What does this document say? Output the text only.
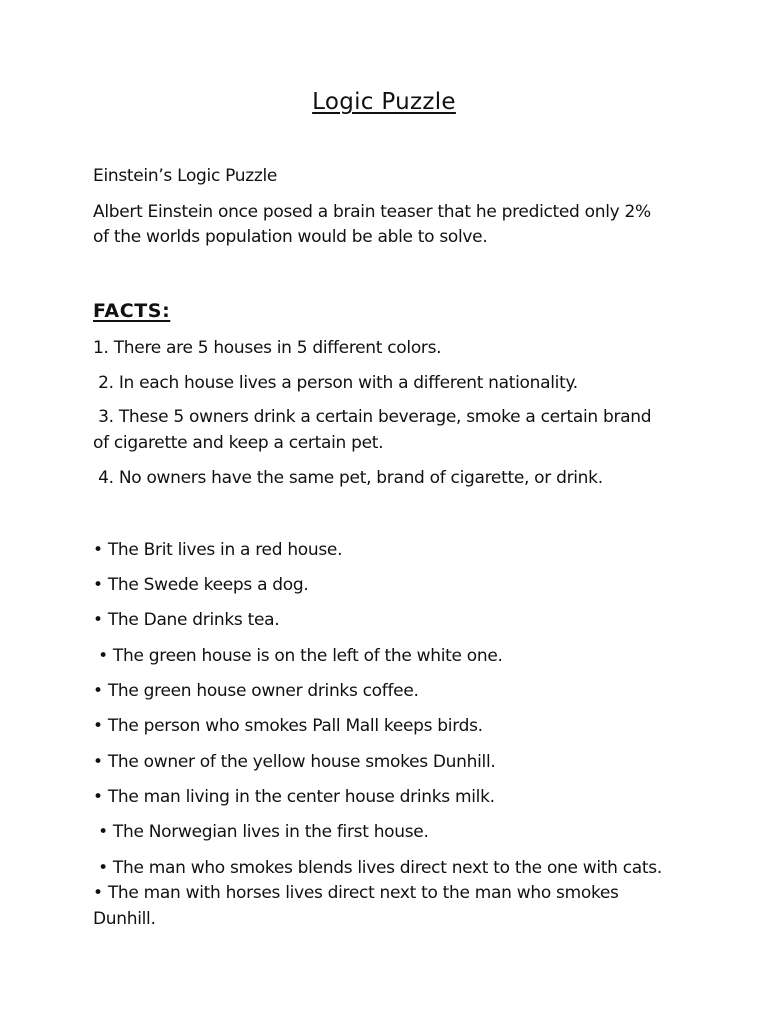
Logic Puzzle
Einstein’s Logic Puzzle
Albert Einstein once posed a brain teaser that he predicted only 2%
of the worlds population would be able to solve.
FACTS:
1. There are 5 houses in 5 different colors.
2. In each house lives a person with a different nationality.
3. These 5 owners drink a certain beverage, smoke a certain brand
of cigarette and keep a certain pet.
4. No owners have the same pet, brand of cigarette, or drink.
• The Brit lives in a red house.
• The Swede keeps a dog.
• The Dane drinks tea.
• The green house is on the left of the white one.
• The green house owner drinks coffee.
• The person who smokes Pall Mall keeps birds.
• The owner of the yellow house smokes Dunhill.
• The man living in the center house drinks milk.
• The Norwegian lives in the first house.
• The man who smokes blends lives direct next to the one with cats.
• The man with horses lives direct next to the man who smokes
Dunhill.
